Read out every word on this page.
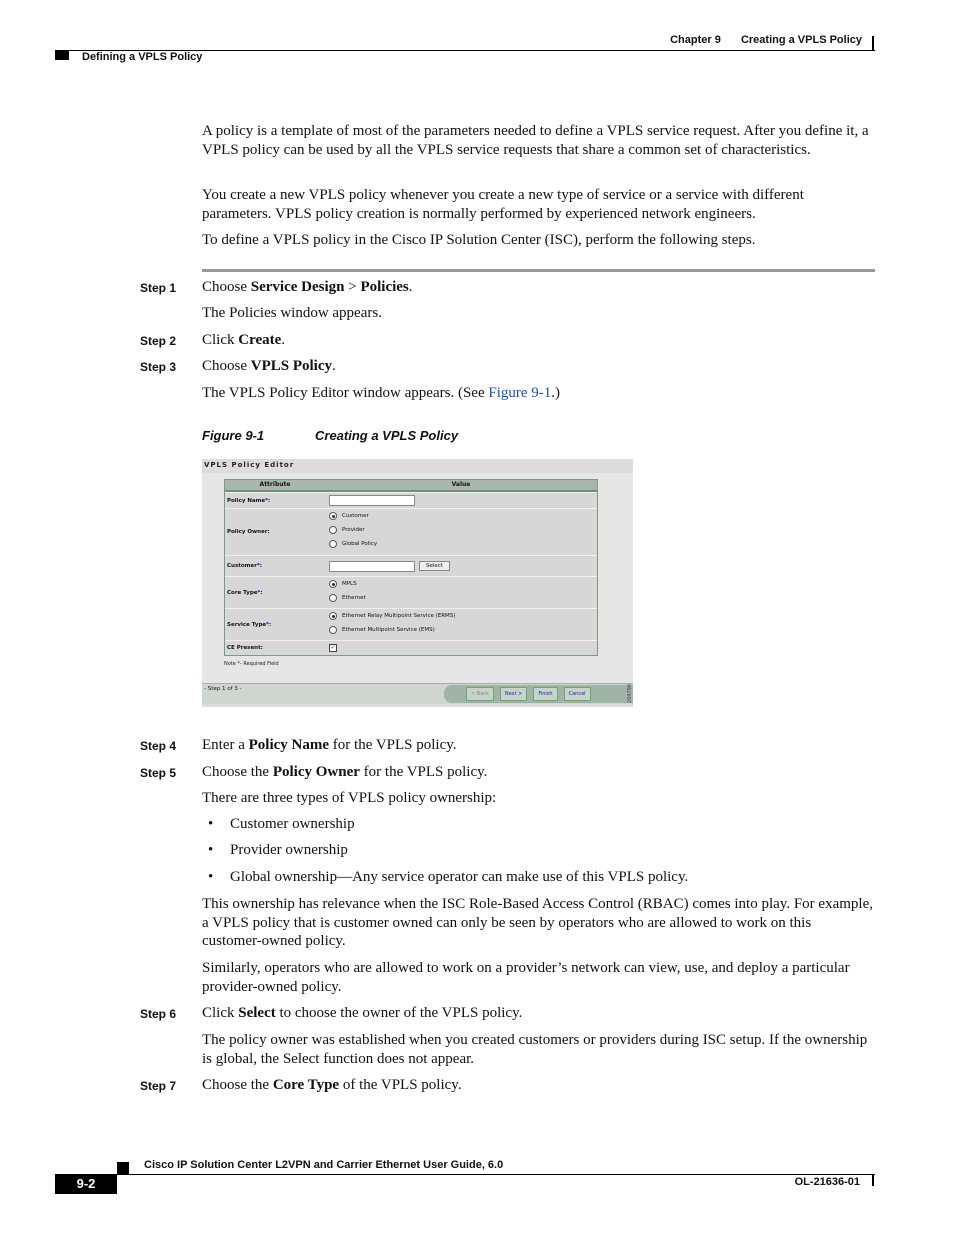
Chapter 9 Creating a VPLS Policy
Defining a VPLS Policy
A policy is a template of most of the parameters needed to define a VPLS service request. After you define it, a VPLS policy can be used by all the VPLS service requests that share a common set of characteristics.
You create a new VPLS policy whenever you create a new type of service or a service with different parameters. VPLS policy creation is normally performed by experienced network engineers.
To define a VPLS policy in the Cisco IP Solution Center (ISC), perform the following steps.
Step 1 Choose Service Design > Policies.
The Policies window appears.
Step 2 Click Create.
Step 3 Choose VPLS Policy.
The VPLS Policy Editor window appears. (See Figure 9-1.)
Figure 9-1	Creating a VPLS Policy
VPLS Policy Editor
Attribute	Value
Policy Name * :
Policy Owner:
Customer
Provider
Global Policy
Customer * :	Select
Core Type * :
MPLS
Ethernet
Service Type * :
Ethernet Relay Multipoint Service (ERMS)
Ethernet Multipoint Service (EMS)
CE Present:	✓
Note *- Required Field
- Step 1 of 3 -
< Back	Next >	Finish	Cancel	204790
Step 4 Enter a Policy Name for the VPLS policy.
Step 5 Choose the Policy Owner for the VPLS policy.
There are three types of VPLS policy ownership:
• Customer ownership
• Provider ownership
• Global ownership—Any service operator can make use of this VPLS policy.
This ownership has relevance when the ISC Role-Based Access Control (RBAC) comes into play. For example, a VPLS policy that is customer owned can only be seen by operators who are allowed to work on this customer-owned policy.
Similarly, operators who are allowed to work on a provider’s network can view, use, and deploy a particular provider-owned policy.
Step 6 Click Select to choose the owner of the VPLS policy.
The policy owner was established when you created customers or providers during ISC setup. If the ownership is global, the Select function does not appear.
Step 7 Choose the Core Type of the VPLS policy.
Cisco IP Solution Center L2VPN and Carrier Ethernet User Guide, 6.0
9-2	OL-21636-01
